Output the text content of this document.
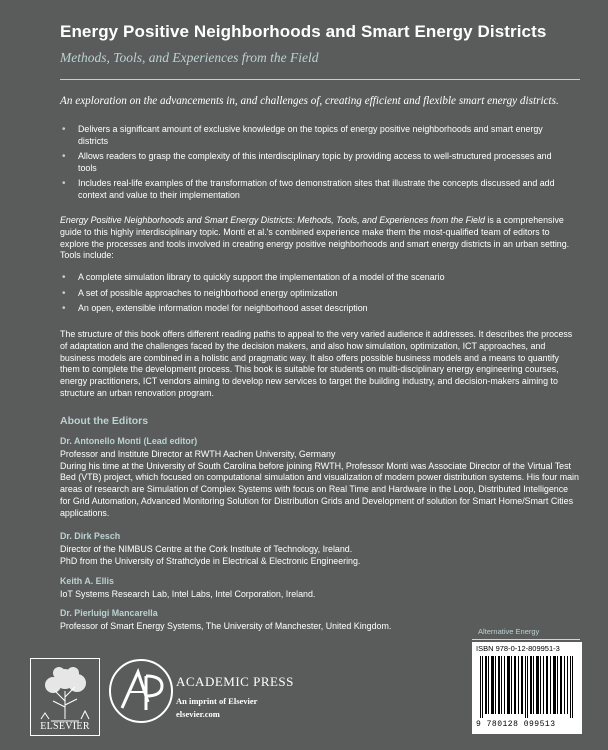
Energy Positive Neighborhoods and Smart Energy Districts
Methods, Tools, and Experiences from the Field
An exploration on the advancements in, and challenges of, creating efficient and flexible smart energy districts.
• Delivers a significant amount of exclusive knowledge on the topics of energy positive neighborhoods and smart energy districts
• Allows readers to grasp the complexity of this interdisciplinary topic by providing access to well-structured processes and tools
• Includes real-life examples of the transformation of two demonstration sites that illustrate the concepts discussed and add context and value to their implementation
Energy Positive Neighborhoods and Smart Energy Districts: Methods, Tools, and Experiences from the Field is a comprehensive guide to this highly interdisciplinary topic. Monti et al.'s combined experience make them the most-qualified team of editors to explore the processes and tools involved in creating energy positive neighborhoods and smart energy districts in an urban setting. Tools include:
• A complete simulation library to quickly support the implementation of a model of the scenario
• A set of possible approaches to neighborhood energy optimization
• An open, extensible information model for neighborhood asset description
The structure of this book offers different reading paths to appeal to the very varied audience it addresses. It describes the process of adaptation and the challenges faced by the decision makers, and also how simulation, optimization, ICT approaches, and business models are combined in a holistic and pragmatic way. It also offers possible business models and a means to quantify them to complete the development process. This book is suitable for students on multi-disciplinary energy engineering courses, energy practitioners, ICT vendors aiming to develop new services to target the building industry, and decision-makers aiming to structure an urban renovation program.
About the Editors
Dr. Antonello Monti (Lead editor)
Professor and Institute Director at RWTH Aachen University, Germany
During his time at the University of South Carolina before joining RWTH, Professor Monti was Associate Director of the Virtual Test Bed (VTB) project, which focused on computational simulation and visualization of modern power distribution systems. His four main areas of research are Simulation of Complex Systems with focus on Real Time and Hardware in the Loop, Distributed Intelligence for Grid Automation, Advanced Monitoring Solution for Distribution Grids and Development of solution for Smart Home/Smart Cities applications.
Dr. Dirk Pesch
Director of the NIMBUS Centre at the Cork Institute of Technology, Ireland.
PhD from the University of Strathclyde in Electrical & Electronic Engineering.
Keith A. Ellis
IoT Systems Research Lab, Intel Labs, Intel Corporation, Ireland.
Dr. Pierluigi Mancarella
Professor of Smart Energy Systems, The University of Manchester, United Kingdom.
Alternative Energy
ISBN 978-0-12-809951-3
9 780128 099513
ELSEVIER
ACADEMIC PRESS
An imprint of Elsevier
elsevier.com
